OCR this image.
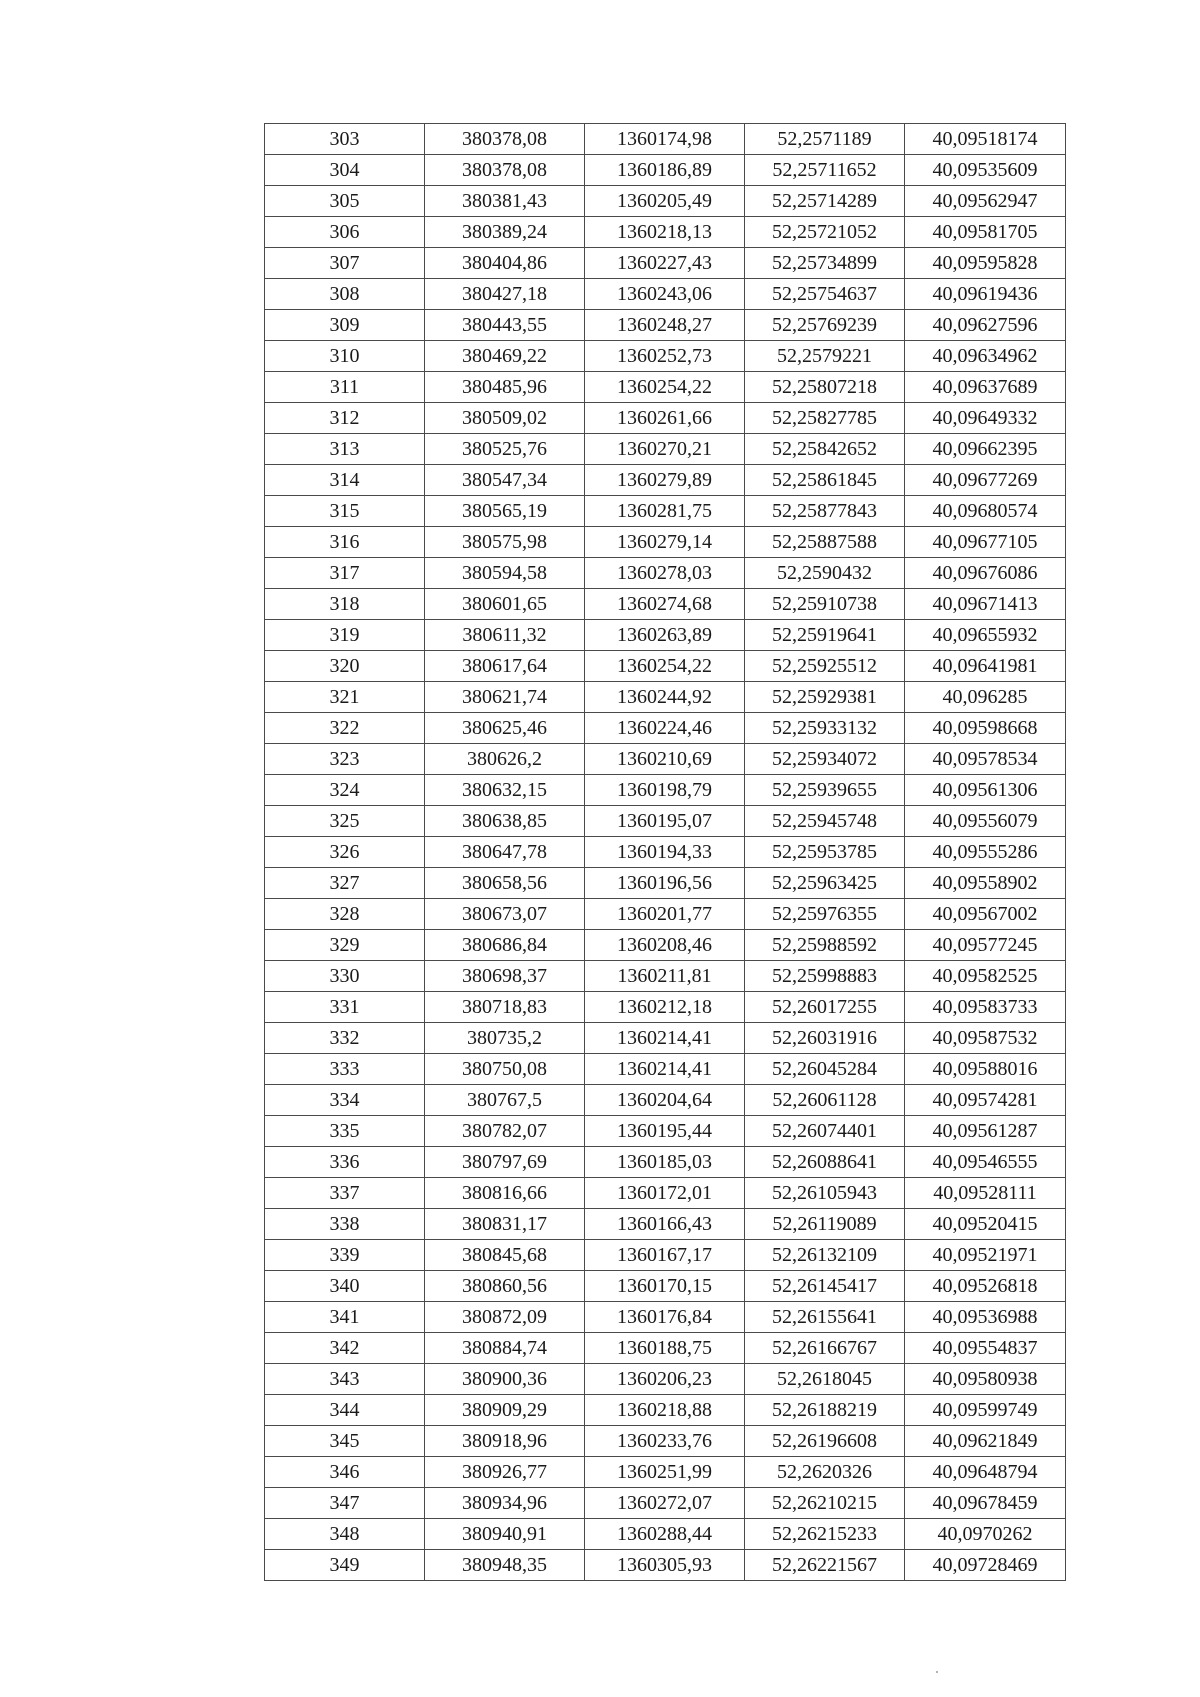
303	380378,08	1360174,98	52,2571189	40,09518174
304	380378,08	1360186,89	52,25711652	40,09535609
305	380381,43	1360205,49	52,25714289	40,09562947
306	380389,24	1360218,13	52,25721052	40,09581705
307	380404,86	1360227,43	52,25734899	40,09595828
308	380427,18	1360243,06	52,25754637	40,09619436
309	380443,55	1360248,27	52,25769239	40,09627596
310	380469,22	1360252,73	52,2579221	40,09634962
311	380485,96	1360254,22	52,25807218	40,09637689
312	380509,02	1360261,66	52,25827785	40,09649332
313	380525,76	1360270,21	52,25842652	40,09662395
314	380547,34	1360279,89	52,25861845	40,09677269
315	380565,19	1360281,75	52,25877843	40,09680574
316	380575,98	1360279,14	52,25887588	40,09677105
317	380594,58	1360278,03	52,2590432	40,09676086
318	380601,65	1360274,68	52,25910738	40,09671413
319	380611,32	1360263,89	52,25919641	40,09655932
320	380617,64	1360254,22	52,25925512	40,09641981
321	380621,74	1360244,92	52,25929381	40,096285
322	380625,46	1360224,46	52,25933132	40,09598668
323	380626,2	1360210,69	52,25934072	40,09578534
324	380632,15	1360198,79	52,25939655	40,09561306
325	380638,85	1360195,07	52,25945748	40,09556079
326	380647,78	1360194,33	52,25953785	40,09555286
327	380658,56	1360196,56	52,25963425	40,09558902
328	380673,07	1360201,77	52,25976355	40,09567002
329	380686,84	1360208,46	52,25988592	40,09577245
330	380698,37	1360211,81	52,25998883	40,09582525
331	380718,83	1360212,18	52,26017255	40,09583733
332	380735,2	1360214,41	52,26031916	40,09587532
333	380750,08	1360214,41	52,26045284	40,09588016
334	380767,5	1360204,64	52,26061128	40,09574281
335	380782,07	1360195,44	52,26074401	40,09561287
336	380797,69	1360185,03	52,26088641	40,09546555
337	380816,66	1360172,01	52,26105943	40,09528111
338	380831,17	1360166,43	52,26119089	40,09520415
339	380845,68	1360167,17	52,26132109	40,09521971
340	380860,56	1360170,15	52,26145417	40,09526818
341	380872,09	1360176,84	52,26155641	40,09536988
342	380884,74	1360188,75	52,26166767	40,09554837
343	380900,36	1360206,23	52,2618045	40,09580938
344	380909,29	1360218,88	52,26188219	40,09599749
345	380918,96	1360233,76	52,26196608	40,09621849
346	380926,77	1360251,99	52,2620326	40,09648794
347	380934,96	1360272,07	52,26210215	40,09678459
348	380940,91	1360288,44	52,26215233	40,0970262
349	380948,35	1360305,93	52,26221567	40,09728469
